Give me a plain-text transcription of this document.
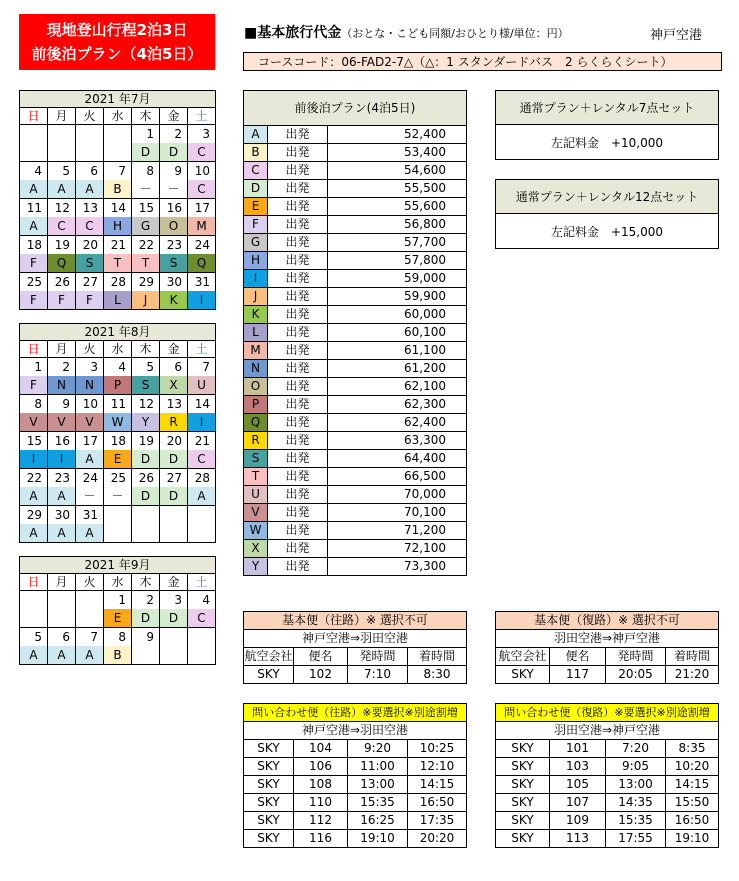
現地登山行程2泊3日
前後泊プラン（4泊5日）
■基本旅行代金（おとな・こども同額/おひとり様/単位：円）	神戸空港
コースコード：06-FAD2-7△（△：1 スタンダードバス　2 らくらくシート）
2021 年7月						
日	月	火	水	木	金	土
				1	2	3
				D	D	C
4	5	6	7	8	9	10
A	A	A	B	－	－	C
11	12	13	14	15	16	17
A	C	C	H	G	O	M
18	19	20	21	22	23	24
F	Q	S	T	T	S	Q
25	26	27	28	29	30	31
F	F	F	L	J	K	I
2021 年8月						
日	月	火	水	木	金	土
1	2	3	4	5	6	7
F	N	N	P	S	X	U
8	9	10	11	12	13	14
V	V	V	W	Y	R	I
15	16	17	18	19	20	21
I	I	A	E	D	D	C
22	23	24	25	26	27	28
A	A	－	－	D	D	A
29	30	31				
A	A	A				
2021 年9月						
日	月	火	水	木	金	土
			1	2	3	4
			E	D	D	C
5	6	7	8	9		
A	A	A	B			
前後泊プラン(4泊5日)		
A	出発	52,400
B	出発	53,400
C	出発	54,600
D	出発	55,500
E	出発	55,600
F	出発	56,800
G	出発	57,700
H	出発	57,800
I	出発	59,000
J	出発	59,900
K	出発	60,000
L	出発	60,100
M	出発	61,100
N	出発	61,200
O	出発	62,100
P	出発	62,300
Q	出発	62,400
R	出発	63,300
S	出発	64,400
T	出発	66,500
U	出発	70,000
V	出発	70,100
W	出発	71,200
X	出発	72,100
Y	出発	73,300
通常プラン＋レンタル7点セット
左記料金　+10,000
通常プラン＋レンタル12点セット
左記料金　+15,000
基本便（往路）※ 選択不可			
神戸空港⇒羽田空港			
航空会社	便名	発時間	着時間
SKY	102	7:10	8:30
基本便（復路）※ 選択不可			
羽田空港⇒神戸空港			
航空会社	便名	発時間	着時間
SKY	117	20:05	21:20
問い合わせ便（往路）※要選択※別途割増			
神戸空港⇒羽田空港			
SKY	104	9:20	10:25
SKY	106	11:00	12:10
SKY	108	13:00	14:15
SKY	110	15:35	16:50
SKY	112	16:25	17:35
SKY	116	19:10	20:20
問い合わせ便（復路）※要選択※別途割増			
羽田空港⇒神戸空港			
SKY	101	7:20	8:35
SKY	103	9:05	10:20
SKY	105	13:00	14:15
SKY	107	14:35	15:50
SKY	109	15:35	16:50
SKY	113	17:55	19:10
